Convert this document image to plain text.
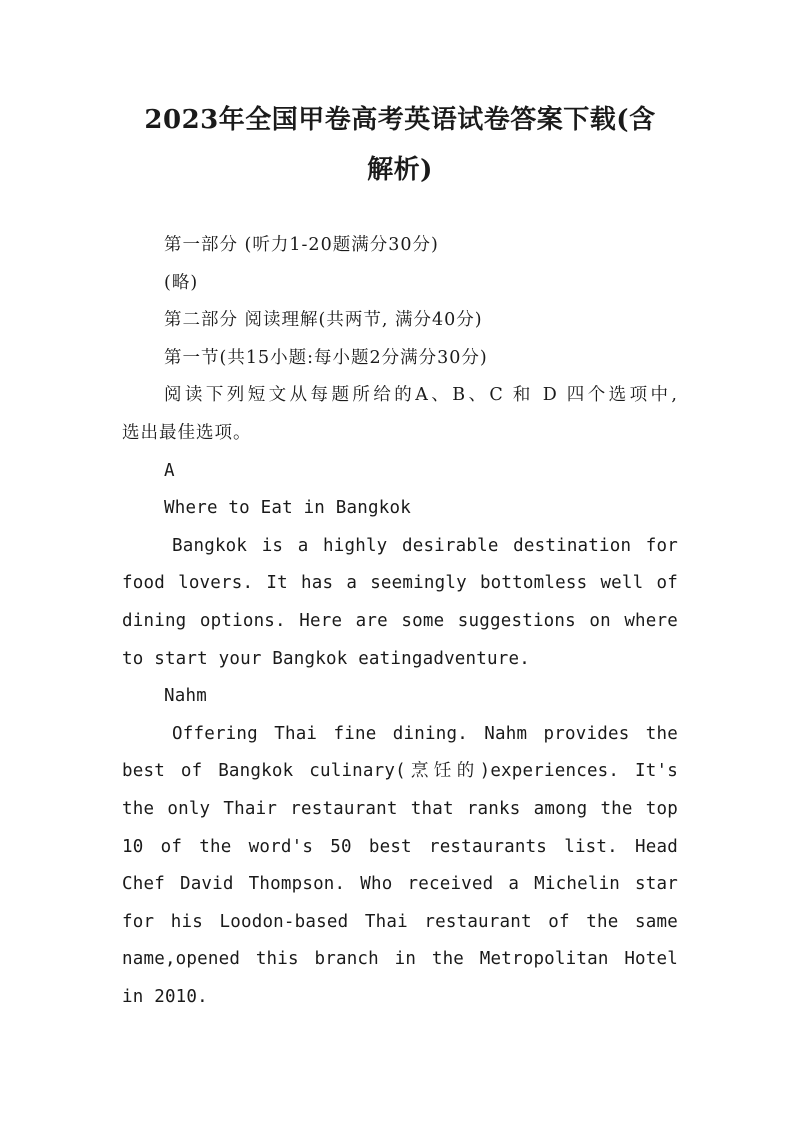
2023年全国甲卷高考英语试卷答案下载(含
解析)

第一部分 (听力1-20题满分30分)

(略)

第二部分 阅读理解(共两节, 满分40分)

第一节(共15小题:每小题2分满分30分)

阅读下列短文从每题所给的A、B、C 和 D 四个选项中,

选出最佳选项。

A

Where to Eat in Bangkok

Bangkok is a highly desirable destination for

food lovers. It has a seemingly bottomless well of

dining options. Here are some suggestions on where

to start your Bangkok eatingadventure.

Nahm

Offering Thai fine dining. Nahm provides the

best of Bangkok culinary(烹饪的)experiences. It's

the only Thair restaurant that ranks among the top

10 of the word's 50 best restaurants list. Head

Chef David Thompson. Who received a Michelin star

for his Loodon-based Thai restaurant of the same

name,opened this branch in the Metropolitan Hotel

in 2010.
